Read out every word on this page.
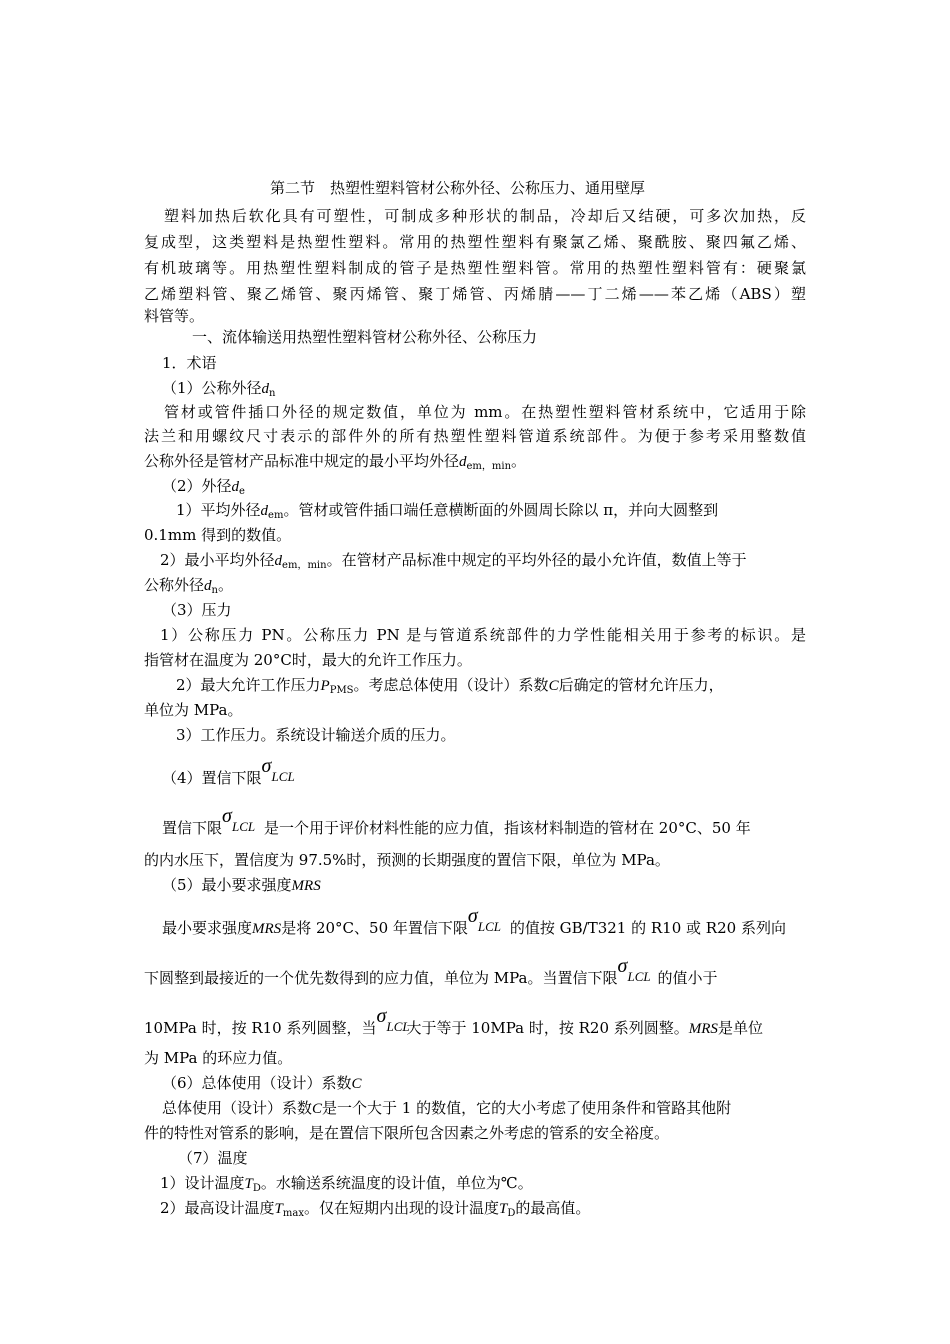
第二节　热塑性塑料管材公称外径、公称压力、通用壁厚
塑料加热后软化具有可塑性，可制成多种形状的制品，冷却后又结硬，可多次加热，反
复成型，这类塑料是热塑性塑料。常用的热塑性塑料有聚氯乙烯、聚酰胺、聚四氟乙烯、
有机玻璃等。用热塑性塑料制成的管子是热塑性塑料管。常用的热塑性塑料管有：硬聚氯
乙烯塑料管、聚乙烯管、聚丙烯管、聚丁烯管、丙烯腈——丁二烯——苯乙烯（ABS）塑
料管等。
一、流体输送用热塑性塑料管材公称外径、公称压力
1．术语
（1）公称外径$d_n$
管材或管件插口外径的规定数值，单位为 mm。在热塑性塑料管材系统中，它适用于除
法兰和用螺纹尺寸表示的部件外的所有热塑性塑料管道系统部件。为便于参考采用整数值
公称外径是管材产品标准中规定的最小平均外径$d_{em,min}$。
（2）外径$d_e$
1）平均外径$d_{em}$。管材或管件插口端任意横断面的外圆周长除以 π，并向大圆整到
0.1mm 得到的数值。
2）最小平均外径$d_{em,min}$。在管材产品标准中规定的平均外径的最小允许值，数值上等于
公称外径$d_n$。
（3）压力
1）公称压力 PN。公称压力 PN 是与管道系统部件的力学性能相关用于参考的标识。是
指管材在温度为 20°C时，最大的允许工作压力。
2）最大允许工作压力$P_{PMS}$。考虑总体使用（设计）系数C后确定的管材允许压力，
单位为 MPa。
3）工作压力。系统设计输送介质的压力。
（4）置信下限
σ LCL
置信下限
σ LCL 是一个用于评价材料性能的应力值，指该材料制造的管材在 20°C、50 年
的内水压下，置信度为 97.5%时，预测的长期强度的置信下限，单位为 MPa。
（5）最小要求强度MRS
最小要求强度MRS是将 20°C、50 年置信下限
σ LCL 的值按 GB/T321 的 R10 或 R20 系列向
下圆整到最接近的一个优先数得到的应力值，单位为 MPa。当置信下限
σ LCL 的值小于
10MPa 时，按 R10 系列圆整，当
σ LCL
大于等于 10MPa 时，按 R20 系列圆整。MRS是单位
为 MPa 的环应力值。
（6）总体使用（设计）系数C
总体使用（设计）系数C是一个大于 1 的数值，它的大小考虑了使用条件和管路其他附
件的特性对管系的影响，是在置信下限所包含因素之外考虑的管系的安全裕度。
（7）温度
1）设计温度$T_D$。水输送系统温度的设计值，单位为℃。
2）最高设计温度$T_{max}$。仅在短期内出现的设计温度$T_D$的最高值。
